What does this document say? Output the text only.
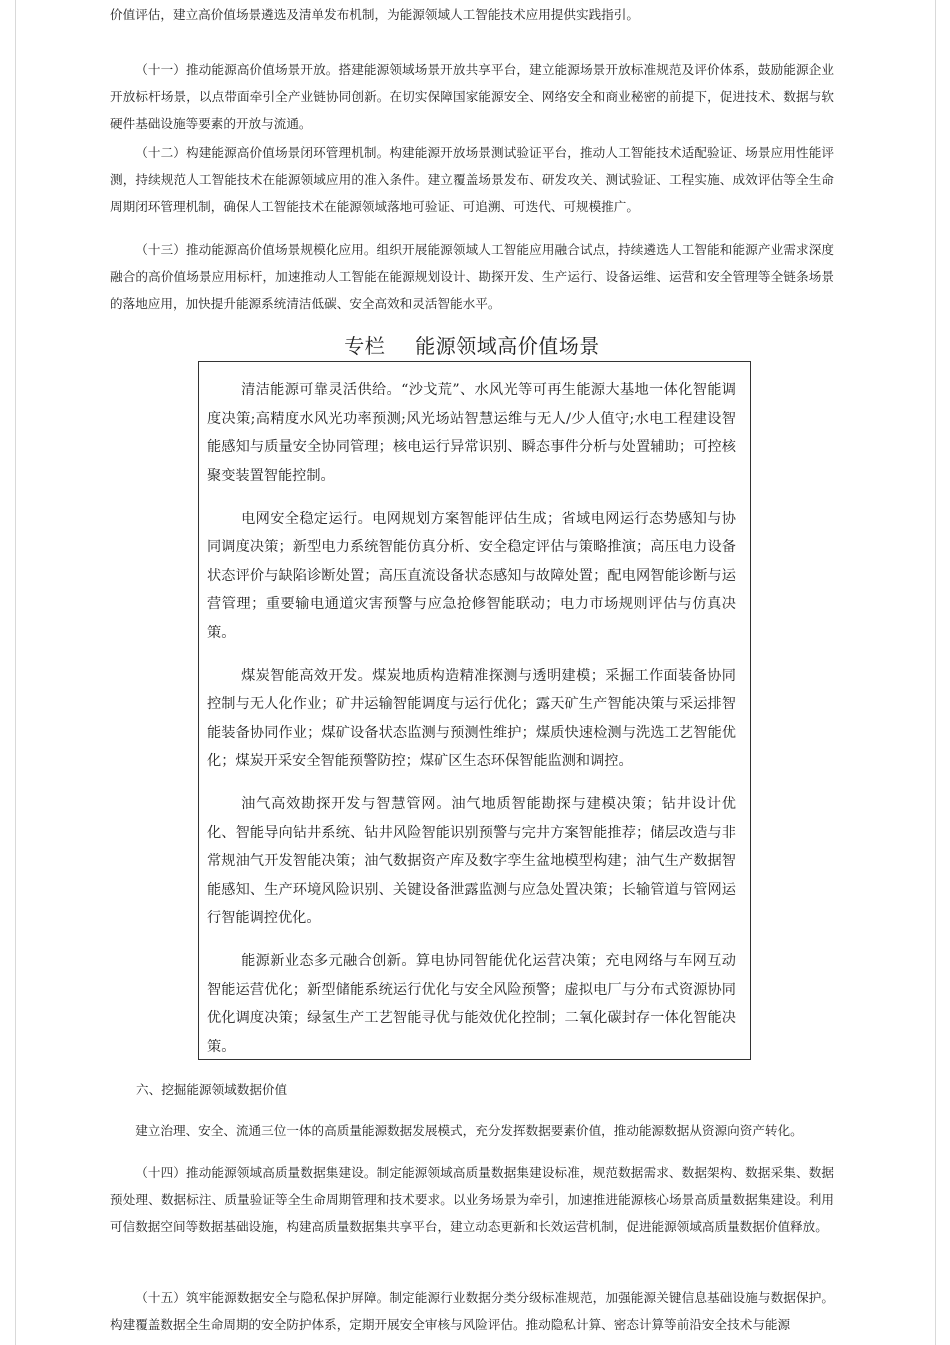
价值评估，建立高价值场景遴选及清单发布机制，为能源领域人工智能技术应用提供实践指引。

（十一）推动能源高价值场景开放。搭建能源领域场景开放共享平台，建立能源场景开放标准规范及评价体系，鼓励能源企业开放标杆场景，以点带面牵引全产业链协同创新。在切实保障国家能源安全、网络安全和商业秘密的前提下，促进技术、数据与软硬件基础设施等要素的开放与流通。

（十二）构建能源高价值场景闭环管理机制。构建能源开放场景测试验证平台，推动人工智能技术适配验证、场景应用性能评测，持续规范人工智能技术在能源领域应用的准入条件。建立覆盖场景发布、研发攻关、测试验证、工程实施、成效评估等全生命周期闭环管理机制，确保人工智能技术在能源领域落地可验证、可追溯、可迭代、可规模推广。

（十三）推动能源高价值场景规模化应用。组织开展能源领域人工智能应用融合试点，持续遴选人工智能和能源产业需求深度融合的高价值场景应用标杆，加速推动人工智能在能源规划设计、勘探开发、生产运行、设备运维、运营和安全管理等全链条场景的落地应用，加快提升能源系统清洁低碳、安全高效和灵活智能水平。

专栏 能源领域高价值场景

六、挖掘能源领域数据价值

建立治理、安全、流通三位一体的高质量能源数据发展模式，充分发挥数据要素价值，推动能源数据从资源向资产转化。

（十四）推动能源领域高质量数据集建设。制定能源领域高质量数据集建设标准，规范数据需求、数据架构、数据采集、数据预处理、数据标注、质量验证等全生命周期管理和技术要求。以业务场景为牵引，加速推进能源核心场景高质量数据集建设。利用可信数据空间等数据基础设施，构建高质量数据集共享平台，建立动态更新和长效运营机制，促进能源领域高质量数据价值释放。

（十五）筑牢能源数据安全与隐私保护屏障。制定能源行业数据分类分级标准规范，加强能源关键信息基础设施与数据保护。构建覆盖数据全生命周期的安全防护体系，定期开展安全审核与风险评估。推动隐私计算、密态计算等前沿安全技术与能源

清洁能源可靠灵活供给。“沙戈荒”、水风光等可再生能源大基地一体化智能调度决策;高精度水风光功率预测;风光场站智慧运维与无人/少人值守;水电工程建设智能感知与质量安全协同管理；核电运行异常识别、瞬态事件分析与处置辅助；可控核聚变装置智能控制。

电网安全稳定运行。电网规划方案智能评估生成；省域电网运行态势感知与协同调度决策；新型电力系统智能仿真分析、安全稳定评估与策略推演；高压电力设备状态评价与缺陷诊断处置；高压直流设备状态感知与故障处置；配电网智能诊断与运营管理；重要输电通道灾害预警与应急抢修智能联动；电力市场规则评估与仿真决策。

煤炭智能高效开发。煤炭地质构造精准探测与透明建模；采掘工作面装备协同控制与无人化作业；矿井运输智能调度与运行优化；露天矿生产智能决策与采运排智能装备协同作业；煤矿设备状态监测与预测性维护；煤质快速检测与洗选工艺智能优化；煤炭开采安全智能预警防控；煤矿区生态环保智能监测和调控。

油气高效勘探开发与智慧管网。油气地质智能勘探与建模决策；钻井设计优化、智能导向钻井系统、钻井风险智能识别预警与完井方案智能推荐；储层改造与非常规油气开发智能决策；油气数据资产库及数字孪生盆地模型构建；油气生产数据智能感知、生产环境风险识别、关键设备泄露监测与应急处置决策；长输管道与管网运行智能调控优化。

能源新业态多元融合创新。算电协同智能优化运营决策；充电网络与车网互动智能运营优化；新型储能系统运行优化与安全风险预警；虚拟电厂与分布式资源协同优化调度决策；绿氢生产工艺智能寻优与能效优化控制；二氧化碳封存一体化智能决策。
